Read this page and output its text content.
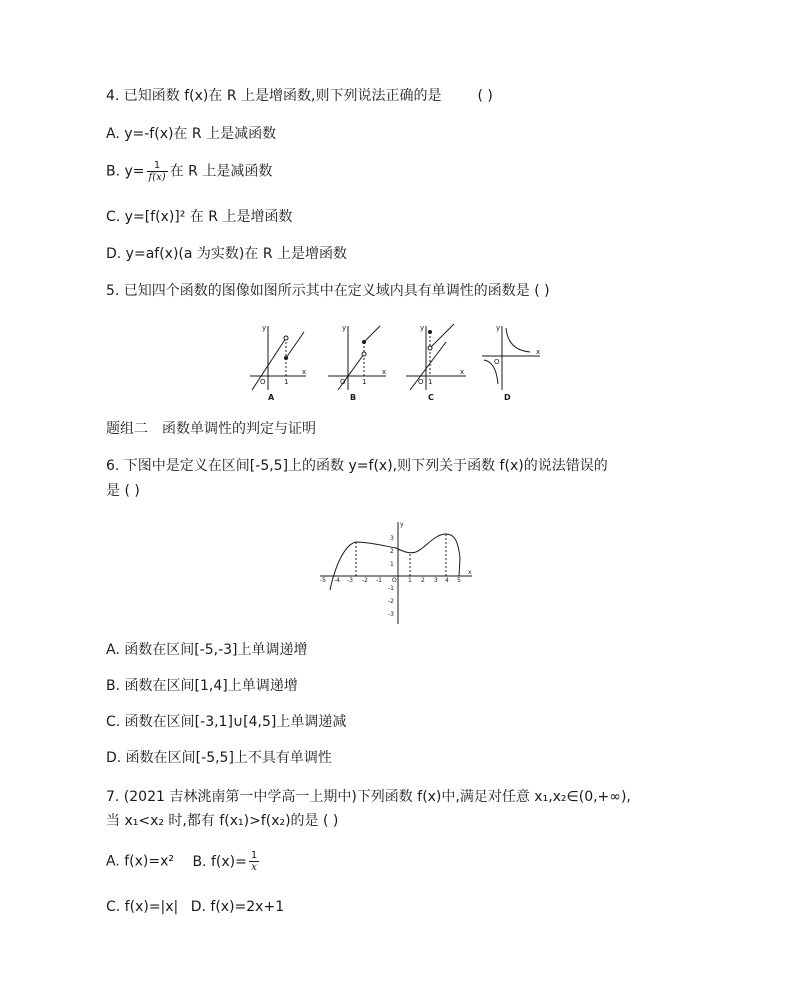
4. 已知函数 f(x)在 R 上是增函数,则下列说法正确的是	( )
A. y=-f(x)在 R 上是减函数
B. $y= \frac{1}{f(x)}$ 在 R 上是减函数
C. y=[f(x)]² 在 R 上是增函数
D. y=af(x)(a 为实数)在 R 上是增函数
5. 已知四个函数的图像如图所示其中在定义域内具有单调性的函数是 ( )
y
x
O	1
y
x
O 1
y
x
O 1
y
x
O
A	B	C	D
题组二　函数单调性的判定与证明
6. 下图中是定义在区间[-5,5]上的函数 y=f(x),则下列关于函数 f(x)的说法错误的
是 ( )
x
y
-5 -4 -3 -2 -1 O 1 2 3 4 5
3
2
1
-1
-2
-3
A. 函数在区间[-5,-3]上单调递增
B. 函数在区间[1,4]上单调递增
C. 函数在区间[-3,1]∪[4,5]上单调递减
D. 函数在区间[-5,5]上不具有单调性
7. (2021 吉林洮南第一中学高一上期中)下列函数 f(x)中,满足对任意 x₁,x₂∈(0,+∞),
当 x₁<x₂ 时,都有 f(x₁)>f(x₂)的是 ( )
A. f(x)=x² B. $f(x)= \frac{1}{x}$
C. f(x)=|x| D. f(x)=2x+1
